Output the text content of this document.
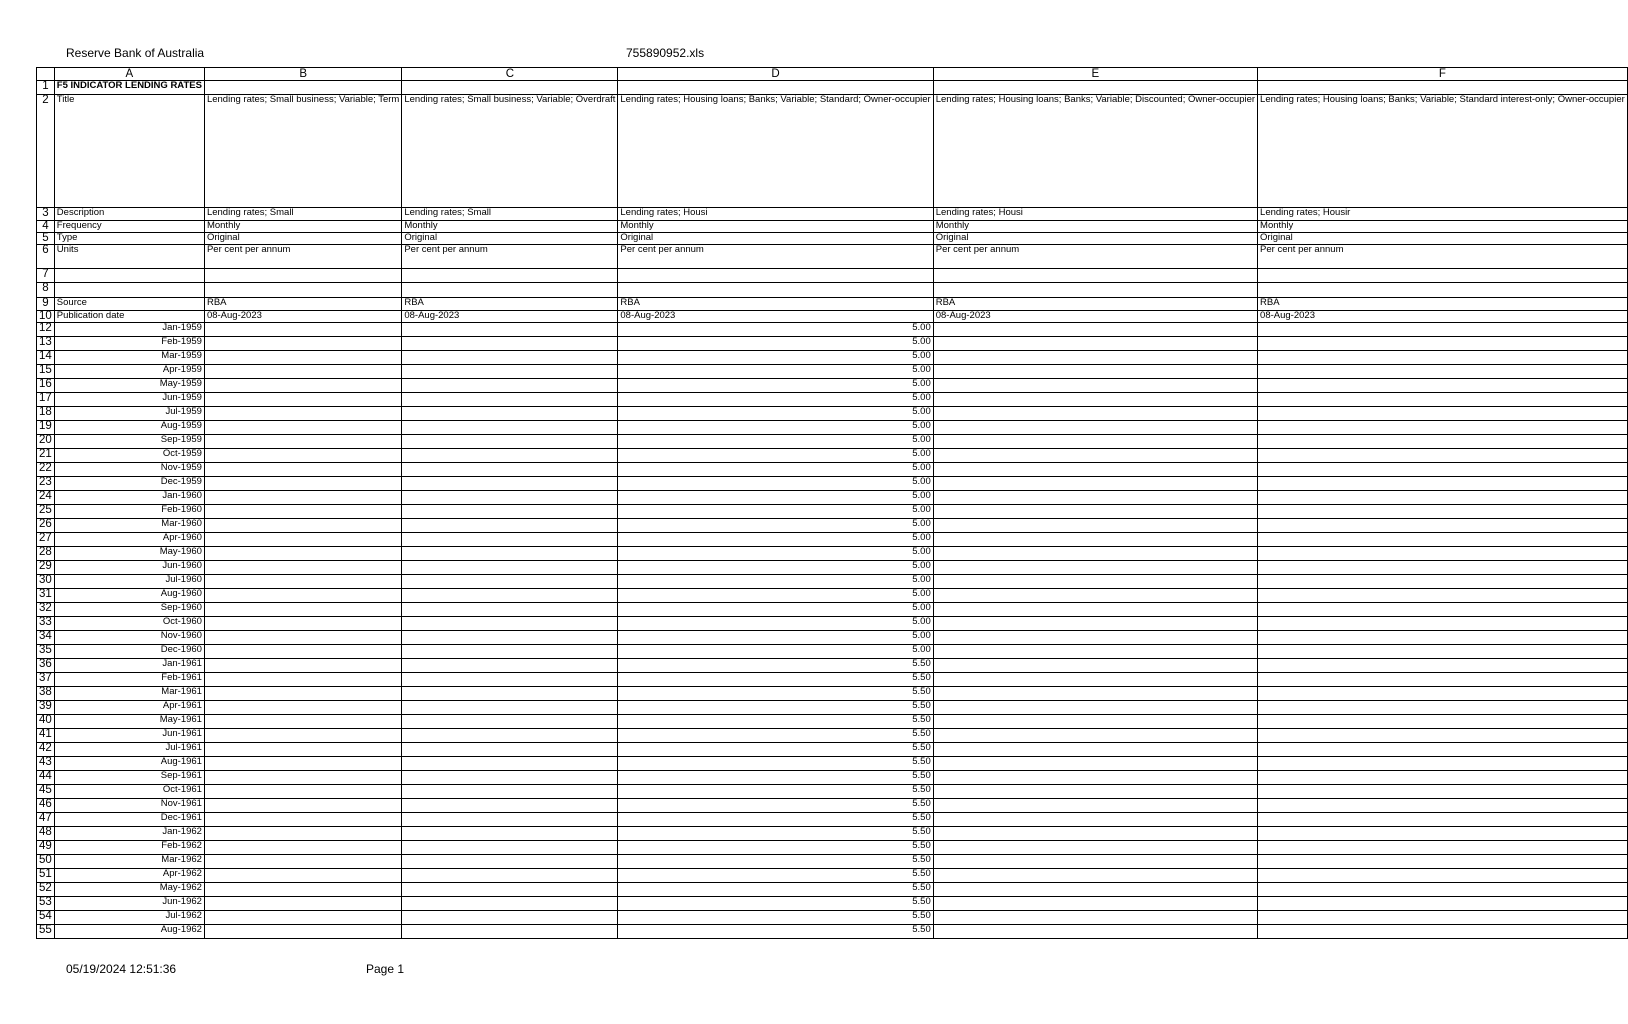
Reserve Bank of Australia	755890952.xls
	A	B	C	D	E	F
1	F5 INDICATOR LENDING RATES					
2	Title	Lending rates; Small business; Variable; Term	Lending rates; Small business; Variable; Overdraft	Lending rates; Housing loans; Banks; Variable; Standard; Owner-occupier	Lending rates; Housing loans; Banks; Variable; Discounted; Owner-occupier	Lending rates; Housing loans; Banks; Variable; Standard interest-only; Owner-occupier
3	Description	Lending rates; Small	Lending rates; Small	Lending rates; Housi	Lending rates; Housi	Lending rates; Housir
4	Frequency	Monthly	Monthly	Monthly	Monthly	Monthly
5	Type	Original	Original	Original	Original	Original
6	Units	Per cent per annum	Per cent per annum	Per cent per annum	Per cent per annum	Per cent per annum
7						
8						
9	Source	RBA	RBA	RBA	RBA	RBA
10	Publication date	08-Aug-2023	08-Aug-2023	08-Aug-2023	08-Aug-2023	08-Aug-2023
12	Jan-1959			5.00		
13	Feb-1959			5.00		
14	Mar-1959			5.00		
15	Apr-1959			5.00		
16	May-1959			5.00		
17	Jun-1959			5.00		
18	Jul-1959			5.00		
19	Aug-1959			5.00		
20	Sep-1959			5.00		
21	Oct-1959			5.00		
22	Nov-1959			5.00		
23	Dec-1959			5.00		
24	Jan-1960			5.00		
25	Feb-1960			5.00		
26	Mar-1960			5.00		
27	Apr-1960			5.00		
28	May-1960			5.00		
29	Jun-1960			5.00		
30	Jul-1960			5.00		
31	Aug-1960			5.00		
32	Sep-1960			5.00		
33	Oct-1960			5.00		
34	Nov-1960			5.00		
35	Dec-1960			5.00		
36	Jan-1961			5.50		
37	Feb-1961			5.50		
38	Mar-1961			5.50		
39	Apr-1961			5.50		
40	May-1961			5.50		
41	Jun-1961			5.50		
42	Jul-1961			5.50		
43	Aug-1961			5.50		
44	Sep-1961			5.50		
45	Oct-1961			5.50		
46	Nov-1961			5.50		
47	Dec-1961			5.50		
48	Jan-1962			5.50		
49	Feb-1962			5.50		
50	Mar-1962			5.50		
51	Apr-1962			5.50		
52	May-1962			5.50		
53	Jun-1962			5.50		
54	Jul-1962			5.50		
55	Aug-1962			5.50		
05/19/2024 12:51:36	Page 1
